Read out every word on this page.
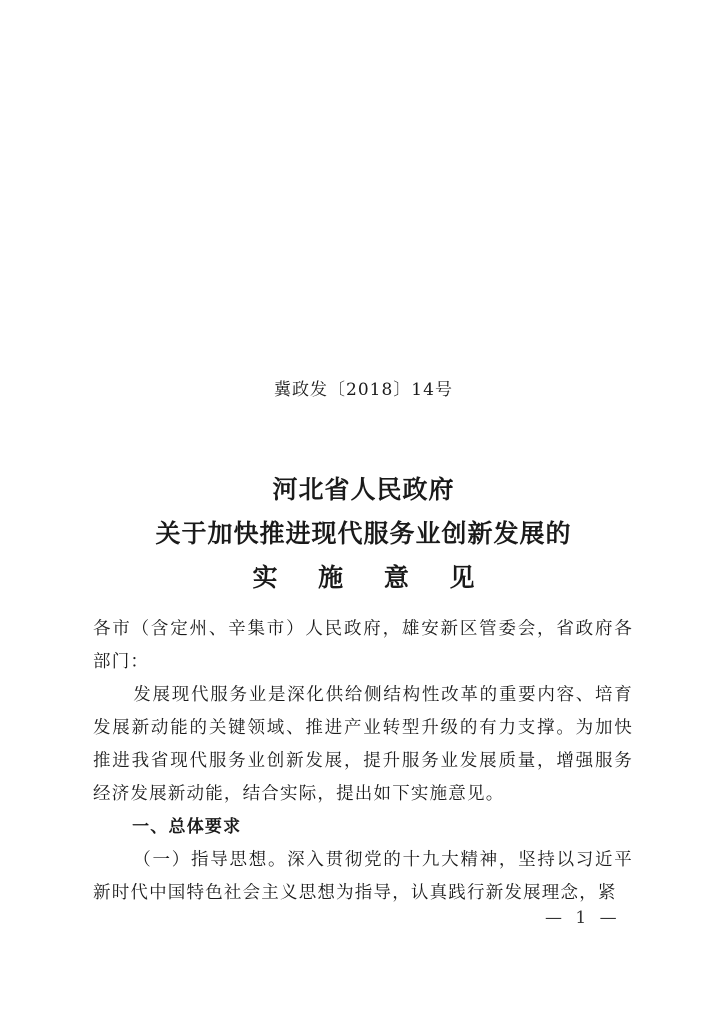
冀政发〔2018〕14号
河北省人民政府
关于加快推进现代服务业创新发展的
实 施 意 见

各市（含定州、辛集市）人民政府，雄安新区管委会，省政府各部门：

发展现代服务业是深化供给侧结构性改革的重要内容、培育发展新动能的关键领域、推进产业转型升级的有力支撑。为加快推进我省现代服务业创新发展，提升服务业发展质量，增强服务经济发展新动能，结合实际，提出如下实施意见。

一、总体要求

（一）指导思想。深入贯彻党的十九大精神，坚持以习近平新时代中国特色社会主义思想为指导，认真践行新发展理念，紧

— 1 —
